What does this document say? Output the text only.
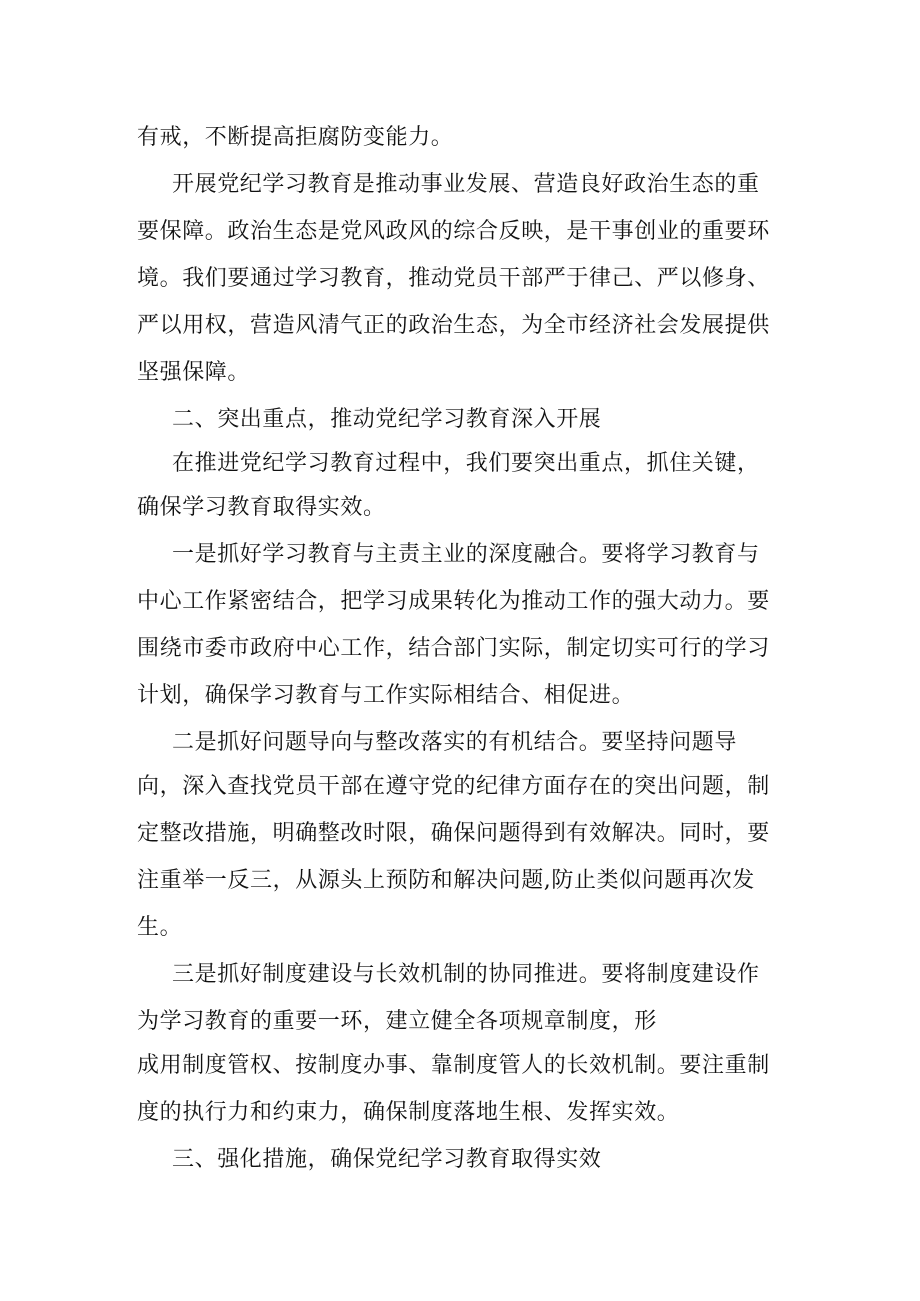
有戒，不断提高拒腐防变能力。
开展党纪学习教育是推动事业发展、营造良好政治生态的重
要保障。政治生态是党风政风的综合反映，是干事创业的重要环
境。我们要通过学习教育，推动党员干部严于律己、严以修身、
严以用权，营造风清气正的政治生态，为全市经济社会发展提供
坚强保障。
二、突出重点，推动党纪学习教育深入开展
在推进党纪学习教育过程中，我们要突出重点，抓住关键，
确保学习教育取得实效。
一是抓好学习教育与主责主业的深度融合。要将学习教育与
中心工作紧密结合，把学习成果转化为推动工作的强大动力。要
围绕市委市政府中心工作，结合部门实际，制定切实可行的学习
计划，确保学习教育与工作实际相结合、相促进。
二是抓好问题导向与整改落实的有机结合。要坚持问题导
向，深入查找党员干部在遵守党的纪律方面存在的突出问题，制
定整改措施，明确整改时限，确保问题得到有效解决。同时，要
注重举一反三，从源头上预防和解决问题,防止类似问题再次发
生。
三是抓好制度建设与长效机制的协同推进。要将制度建设作
为学习教育的重要一环，建立健全各项规章制度，形
成用制度管权、按制度办事、靠制度管人的长效机制。要注重制
度的执行力和约束力，确保制度落地生根、发挥实效。
三、强化措施，确保党纪学习教育取得实效
